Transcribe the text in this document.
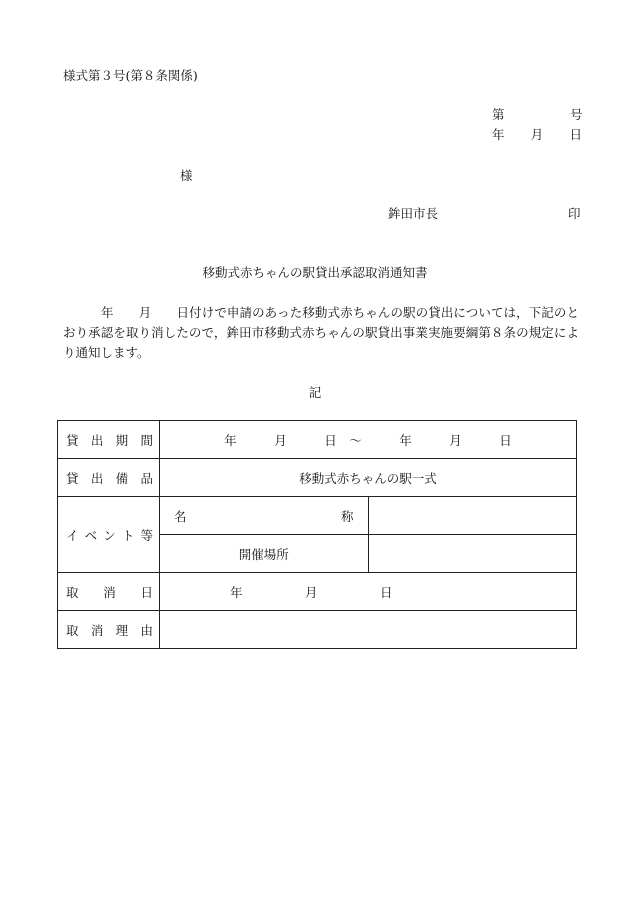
様式第３号(第８条関係)
第	号
年 月 日
様
鉾田市長	印
移動式赤ちゃんの駅貸出承認取消通知書
年　　月　　日付けで申請のあった移動式赤ちゃんの駅の貸出については，下記のとおり承認を取り消したので，鉾田市移動式赤ちゃんの駅貸出事業実施要綱第８条の規定により通知します。
記
貸 出 期 間	年　　　月　　　日　～　　　年　　　月　　　日	

貸 出 備 品	移動式赤ちゃんの駅一式	

イ ベ ン ト 等	名 称	

	開催場所	

取 消 日	年　　　　　月　　　　　日	

取 消 理 由		
